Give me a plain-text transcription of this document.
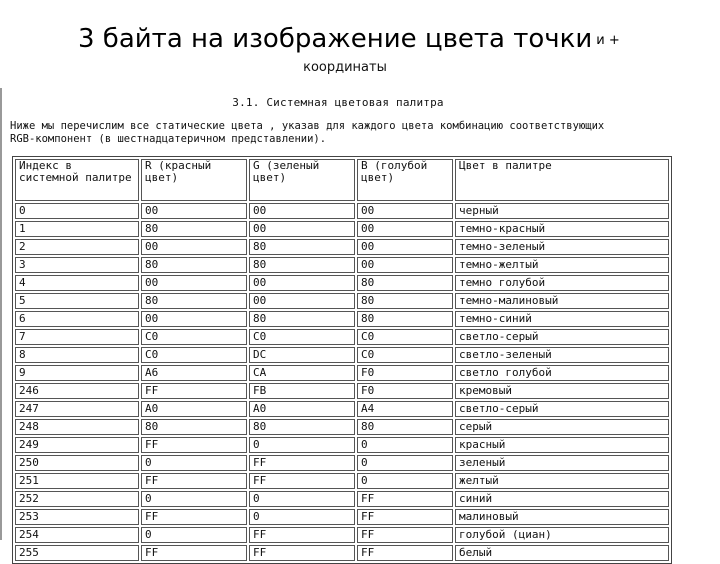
3 байта на изображение цвета точки и +
координаты
3.1. Системная цветовая палитра
Ниже мы перечислим все статические цвета , указав для каждого цвета комбинацию соответствующих
RGB-компонент (в шестнадцатеричном представлении).
Индекс в системной палитре	R (красный цвет)	G (зеленый цвет)	B (голубой цвет)	Цвет в палитре
0	00	00	00	черный
1	80	00	00	темно-красный
2	00	80	00	темно-зеленый
3	80	80	00	темно-желтый
4	00	00	80	темно голубой
5	80	00	80	темно-малиновый
6	00	80	80	темно-синий
7	C0	C0	C0	светло-серый
8	C0	DC	C0	светло-зеленый
9	A6	CA	F0	светло голубой
246	FF	FB	F0	кремовый
247	A0	A0	A4	светло-серый
248	80	80	80	серый
249	FF	0	0	красный
250	0	FF	0	зеленый
251	FF	FF	0	желтый
252	0	0	FF	синий
253	FF	0	FF	малиновый
254	0	FF	FF	голубой (циан)
255	FF	FF	FF	белый
